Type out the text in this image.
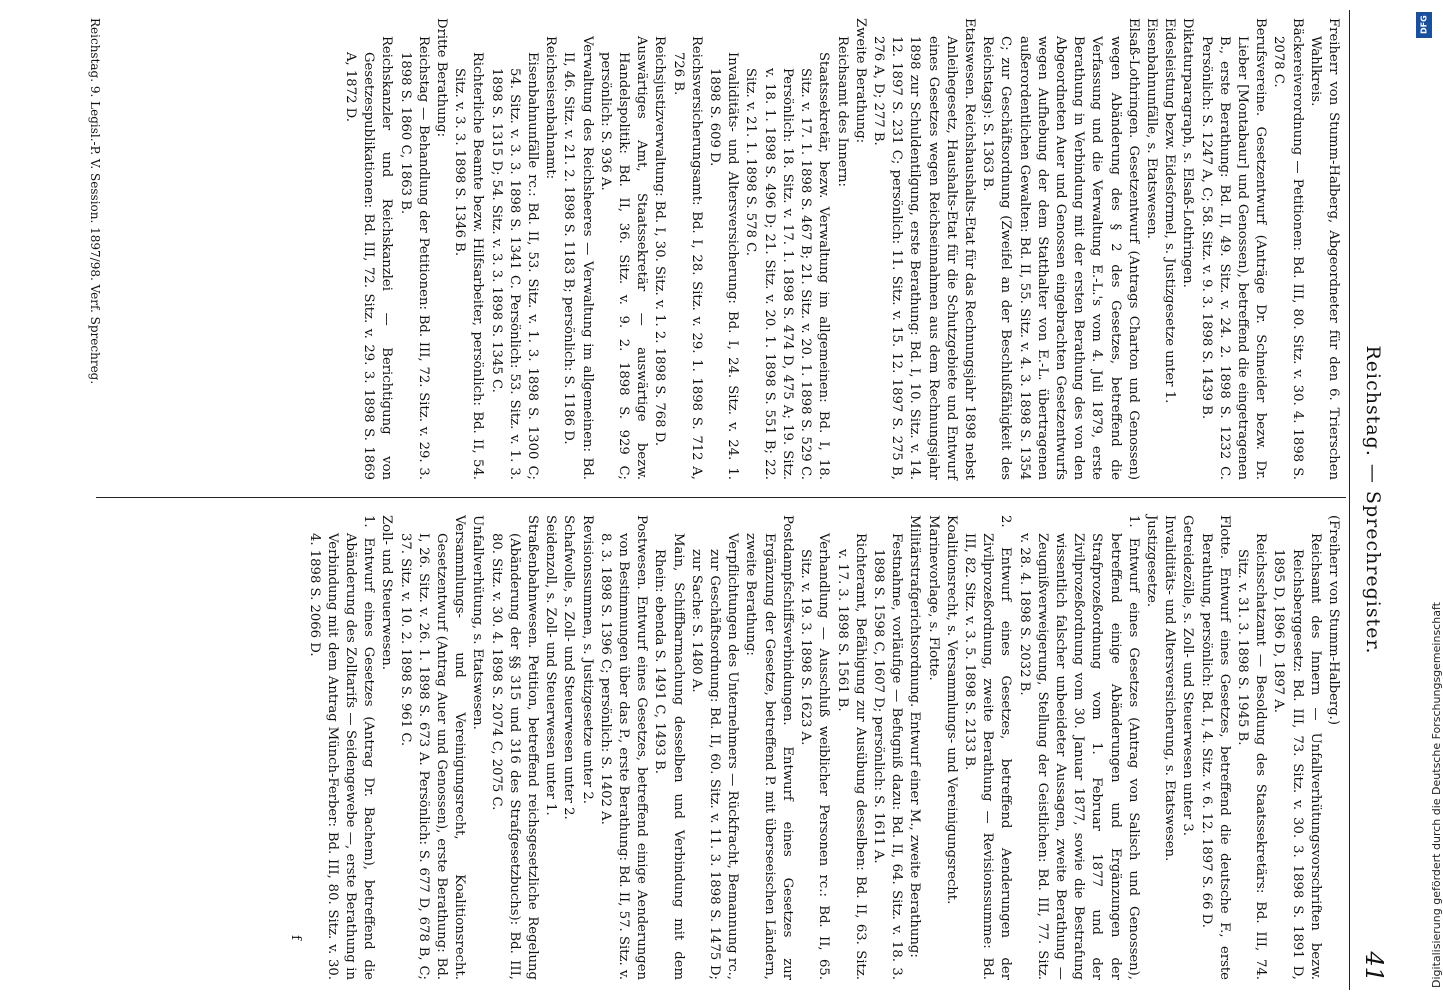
Reichstag. — Sprechregister.
41

Freiherr von Stumm-Halberg, Abgeordneter für den 6. Trierschen Wahlkreis.

Bäckereiverordnung — Petitionen: Bd. III, 80. Sitz. v. 30. 4. 1898 S. 2078 C.

Berufsvereine. Gesetzentwurf (Anträge Dr. Schneider bezw. Dr. Lieber [Montabaur] und Genossen), betreffend die eingetragenen B., erste Berathung: Bd. II, 49. Sitz. v. 24. 2. 1898 S. 1232 C. Persönlich: S. 1247 A, C; 58. Sitz. v. 9. 3. 1898 S. 1439 B.

Diktaturparagraph, s. Elsaß-Lothringen.

Eidesleistung bezw. Eidesformel, s. Justizgesetze unter 1.

Eisenbahnunfälle, s. Etatswesen.

Elsaß-Lothringen. Gesetzentwurf (Antrags Charton und Genossen) wegen Abänderung des § 2 des Gesetzes, betreffend die Verfassung und die Verwaltung E.-L.'s vom 4. Juli 1879, erste Berathung in Verbindung mit der ersten Berathung des von den Abgeordneten Auer und Genossen eingebrachten Gesetzentwurfs wegen Aufhebung der dem Statthalter von E.-L. übertragenen außerordentlichen Gewalten: Bd. II, 55. Sitz. v. 4. 3. 1898 S. 1354 C; zur Geschäftsordnung (Zweifel an der Beschlußfähigkeit des Reichstags): S. 1363 B.

Etatswesen. Reichshaushalts-Etat für das Rechnungsjahr 1898 nebst Anleihegesetz, Haushalts-Etat für die Schutzgebiete und Entwurf eines Gesetzes wegen Reichseinnahmen aus dem Rechnungsjahr 1898 zur Schuldentilgung, erste Berathung: Bd. I, 10. Sitz. v. 14. 12. 1897 S. 231 C; persönlich: 11. Sitz. v. 15. 12. 1897 S. 275 B, 276 A, D; 277 B.

Zweite Berathung:

Reichsamt des Innern:

Staatssekretär, bezw. Verwaltung im allgemeinen: Bd. I, 18. Sitz. v. 17. 1. 1898 S. 467 B; 21. Sitz. v. 20. 1. 1898 S. 529 C. Persönlich: 18. Sitz. v. 17. 1. 1898 S. 474 D, 475 A; 19. Sitz. v. 18. 1. 1898 S. 496 D; 21. Sitz. v. 20. 1. 1898 S. 551 B; 22. Sitz. v. 21. 1. 1898 S. 578 C.

Invaliditäts- und Altersversicherung: Bd. I, 24. Sitz. v. 24. 1. 1898 S. 609 D.

Reichsversicherungsamt: Bd. I, 28. Sitz. v. 29. 1. 1898 S. 712 A, 726 B.

Reichsjustizverwaltung: Bd. I, 30. Sitz. v. 1. 2. 1898 S. 768 D.

Auswärtiges Amt, Staatssekretär — auswärtige bezw. Handelspolitik: Bd. II, 36. Sitz. v. 9. 2. 1898 S. 929 C; persönlich: S. 936 A.

Verwaltung des Reichsheeres — Verwaltung im allgemeinen: Bd. II, 46. Sitz. v. 21. 2. 1898 S. 1183 B; persönlich: S. 1186 D.

Reichseisenbahnamt:

Eisenbahnunfälle rc.: Bd. II, 53. Sitz. v. 1. 3. 1898 S. 1300 C; 54. Sitz. v. 3. 3. 1898 S. 1341 C. Persönlich: 53. Sitz. v. 1. 3. 1898 S. 1315 D; 54. Sitz. v. 3. 3. 1898 S. 1345 C.

Richterliche Beamte bezw. Hilfsarbeiter, persönlich: Bd. II, 54. Sitz. v. 3. 3. 1898 S. 1346 B.

Dritte Berathung:

Reichstag — Behandlung der Petitionen: Bd. III, 72. Sitz. v. 29. 3. 1898 S. 1860 C, 1863 B.

Reichskanzler und Reichskanzlei — Berichtigung von Gesetzespublikationen: Bd. III, 72. Sitz. v. 29. 3. 1898 S. 1869 A, 1872 D.

(Freiherr von Stumm-Halberg.)

Reichsamt des Innern — Unfallverhütungsvorschriften bezw. Reichsberggesetz: Bd. III, 73. Sitz. v. 30. 3. 1898 S. 1891 D, 1895 D, 1896 D, 1897 A.

Reichsschatzamt — Besoldung des Staatssekretärs: Bd. III, 74. Sitz. v. 31. 3. 1898 S. 1945 B.

Flotte. Entwurf eines Gesetzes, betreffend die deutsche F., erste Berathung, persönlich: Bd. I, 4. Sitz. v. 6. 12. 1897 S. 66 D.

Getreidezölle, s. Zoll- und Steuerwesen unter 3.

Invaliditäts- und Altersversicherung, s. Etatswesen.

Justizgesetze.

1. Entwurf eines Gesetzes (Antrag von Salisch und Genossen), betreffend einige Abänderungen und Ergänzungen der Strafprozeßordnung vom 1. Februar 1877 und der Zivilprozeßordnung vom 30. Januar 1877, sowie die Bestrafung wissentlich falscher unbeeideter Aussagen, zweite Berathung — Zeugnißverweigerung, Stellung der Geistlichen: Bd. III, 77. Sitz. v. 28. 4. 1898 S. 2032 B.

2. Entwurf eines Gesetzes, betreffend Aenderungen der Zivilprozeßordnung, zweite Berathung — Revisionssumme: Bd. III, 82. Sitz. v. 3. 5. 1898 S. 2133 B.

Koalitionsrecht, s. Versammlungs- und Vereinigungsrecht.

Marinevorlage, s. Flotte.

Militärstrafgerichtsordnung. Entwurf einer M., zweite Berathung:

Festnahme, vorläufige — Befugniß dazu: Bd. II, 64. Sitz. v. 18. 3. 1898 S. 1598 C, 1607 D; persönlich: S. 1611 A.

Richteramt, Befähigung zur Ausübung desselben: Bd. II, 63. Sitz. v. 17. 3. 1898 S. 1561 B.

Verhandlung — Ausschluß weiblicher Personen rc.: Bd. II, 65. Sitz. v. 19. 3. 1898 S. 1623 A.

Postdampfschiffsverbindungen. Entwurf eines Gesetzes zur Ergänzung der Gesetze, betreffend P. mit überseeischen Ländern, zweite Berathung:

Verpflichtungen des Unternehmers — Rückfracht, Bemannung rc., zur Geschäftsordnung: Bd. II, 60. Sitz. v. 11. 3. 1898 S. 1475 D; zur Sache: S. 1480 A.

Main, Schiffbarmachung desselben und Verbindung mit dem Rhein: ebenda S. 1491 C, 1493 B.

Postwesen. Entwurf eines Gesetzes, betreffend einige Aenderungen von Bestimmungen über das P., erste Berathung: Bd. II, 57. Sitz. v. 8. 3. 1898 S. 1396 C; persönlich: S. 1402 A.

Revisionssummen, s. Justizgesetze unter 2.

Schafwolle, s. Zoll- und Steuerwesen unter 2.

Seidenzoll, s. Zoll- und Steuerwesen unter 1.

Straßenbahnwesen. Petition, betreffend reichsgesetzliche Regelung (Abänderung der §§ 315 und 316 des Strafgesetzbuchs): Bd. III, 80. Sitz. v. 30. 4. 1898 S. 2074 C, 2075 C.

Unfallverhütung, s. Etatswesen.

Versammlungs- und Vereinigungsrecht, Koalitionsrecht. Gesetzentwurf (Antrag Auer und Genossen), erste Berathung: Bd. I, 26. Sitz. v. 26. 1. 1898 S. 673 A. Persönlich: S. 677 D, 678 B, C; 37. Sitz. v. 10. 2. 1898 S. 961 C.

Zoll- und Steuerwesen.

1. Entwurf eines Gesetzes (Antrag Dr. Bachem), betreffend die Abänderung des Zolltarifs — Seidengewebe —, erste Berathung in Verbindung mit dem Antrag Münch-Ferber: Bd. III, 80. Sitz. v. 30. 4. 1898 S. 2066 D.

f

Reichstag. 9. Legisl.-P. V. Session. 1897/98. Verf. Sprechreg.	DFG
Digitalisierung gefördert durch die Deutsche Forschungsgemeinschaft
